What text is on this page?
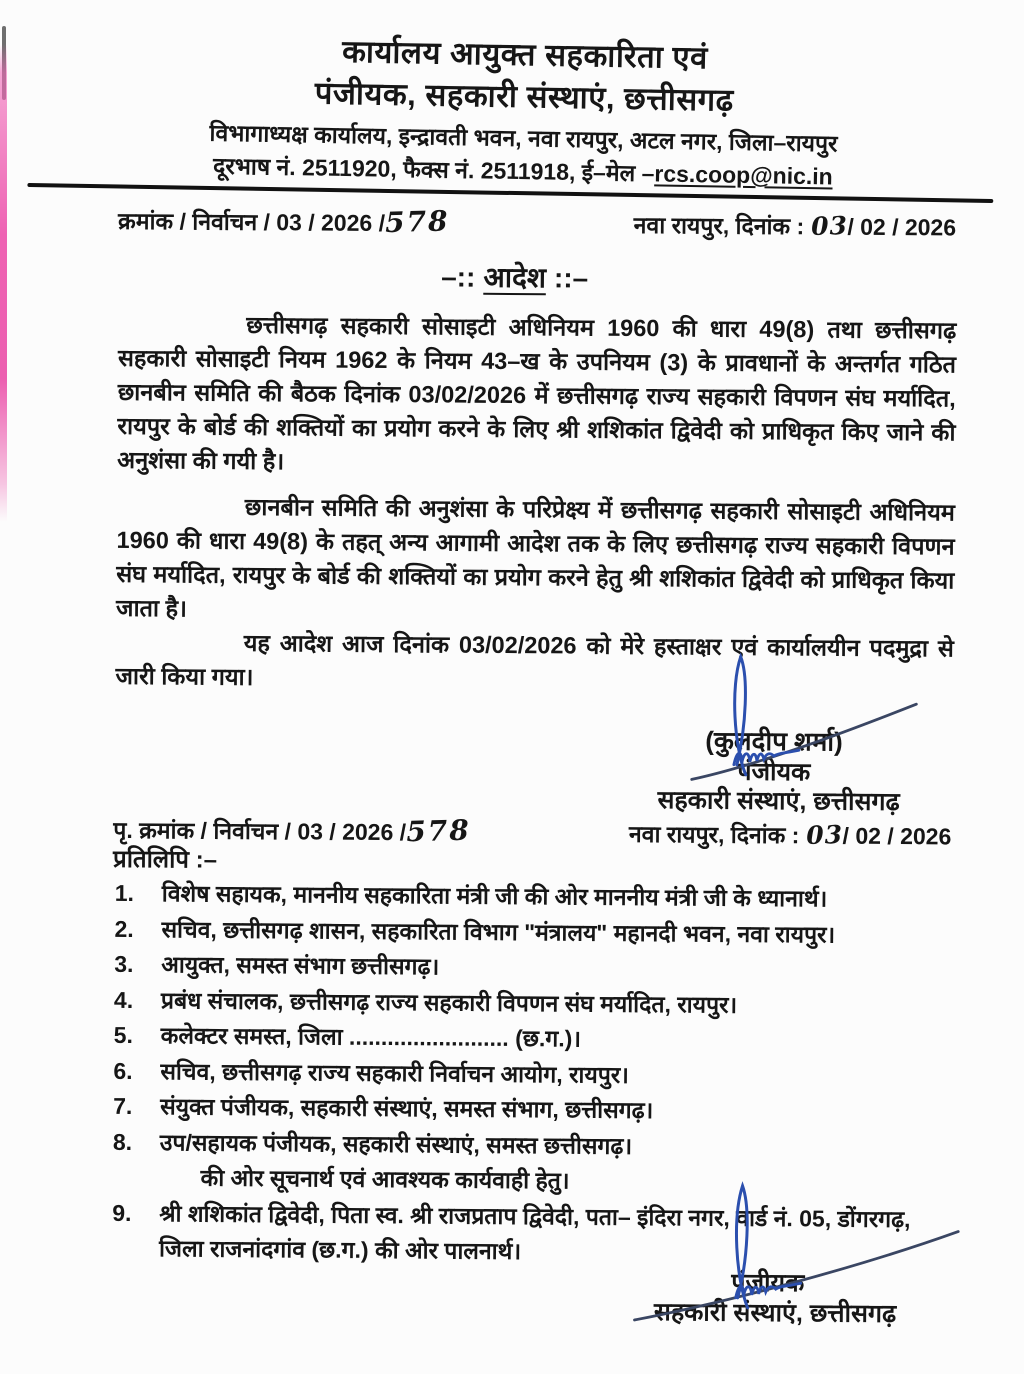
कार्यालय आयुक्त सहकारिता एवं
पंजीयक, सहकारी संस्थाएं, छत्तीसगढ़
विभागाध्यक्ष कार्यालय, इन्द्रावती भवन, नवा रायपुर, अटल नगर, जिला–रायपुर
दूरभाष नं. 2511920, फैक्स नं. 2511918, ई–मेल –rcs.coop@nic.in
क्रमांक / निर्वाचन / 03 / 2026 /578	नवा रायपुर, दिनांक : 03/ 02 / 2026
–:: आदेश ::–
छत्तीसगढ़ सहकारी सोसाइटी अधिनियम 1960 की धारा 49(8) तथा छत्तीसगढ़ सहकारी सोसाइटी नियम 1962 के नियम 43–ख के उपनियम (3) के प्रावधानों के अन्तर्गत गठित छानबीन समिति की बैठक दिनांक 03/02/2026 में छत्तीसगढ़ राज्य सहकारी विपणन संघ मर्यादित, रायपुर के बोर्ड की शक्तियों का प्रयोग करने के लिए श्री शशिकांत द्विवेदी को प्राधिकृत किए जाने की अनुशंसा की गयी है।
छानबीन समिति की अनुशंसा के परिप्रेक्ष्य में छत्तीसगढ़ सहकारी सोसाइटी अधिनियम 1960 की धारा 49(8) के तहत् अन्य आगामी आदेश तक के लिए छत्तीसगढ़ राज्य सहकारी विपणन संघ मर्यादित, रायपुर के बोर्ड की शक्तियों का प्रयोग करने हेतु श्री शशिकांत द्विवेदी को प्राधिकृत किया जाता है।
यह आदेश आज दिनांक 03/02/2026 को मेरे हस्ताक्षर एवं कार्यालयीन पदमुद्रा से जारी किया गया।
(कुलदीप शर्मा)
पंजीयक
सहकारी संस्थाएं, छत्तीसगढ़
पृ. क्रमांक / निर्वाचन / 03 / 2026 /578	नवा रायपुर, दिनांक : 03/ 02 / 2026
प्रतिलिपि :–
1.	विशेष सहायक, माननीय सहकारिता मंत्री जी की ओर माननीय मंत्री जी के ध्यानार्थ।
2.	सचिव, छत्तीसगढ़ शासन, सहकारिता विभाग "मंत्रालय" महानदी भवन, नवा रायपुर।
3.	आयुक्त, समस्त संभाग छत्तीसगढ़।
4.	प्रबंध संचालक, छत्तीसगढ़ राज्य सहकारी विपणन संघ मर्यादित, रायपुर।
5.	कलेक्टर समस्त, जिला ......................... (छ.ग.)।
6.	सचिव, छत्तीसगढ़ राज्य सहकारी निर्वाचन आयोग, रायपुर।
7.	संयुक्त पंजीयक, सहकारी संस्थाएं, समस्त संभाग, छत्तीसगढ़।
8.	उप/सहायक पंजीयक, सहकारी संस्थाएं, समस्त छत्तीसगढ़।
की ओर सूचनार्थ एवं आवश्यक कार्यवाही हेतु।
9.	श्री शशिकांत द्विवेदी, पिता स्व. श्री राजप्रताप द्विवेदी, पता– इंदिरा नगर, वार्ड नं. 05, डोंगरगढ़, जिला राजनांदगांव (छ.ग.) की ओर पालनार्थ।
पंजीयक
सहकारी संस्थाएं, छत्तीसगढ़
